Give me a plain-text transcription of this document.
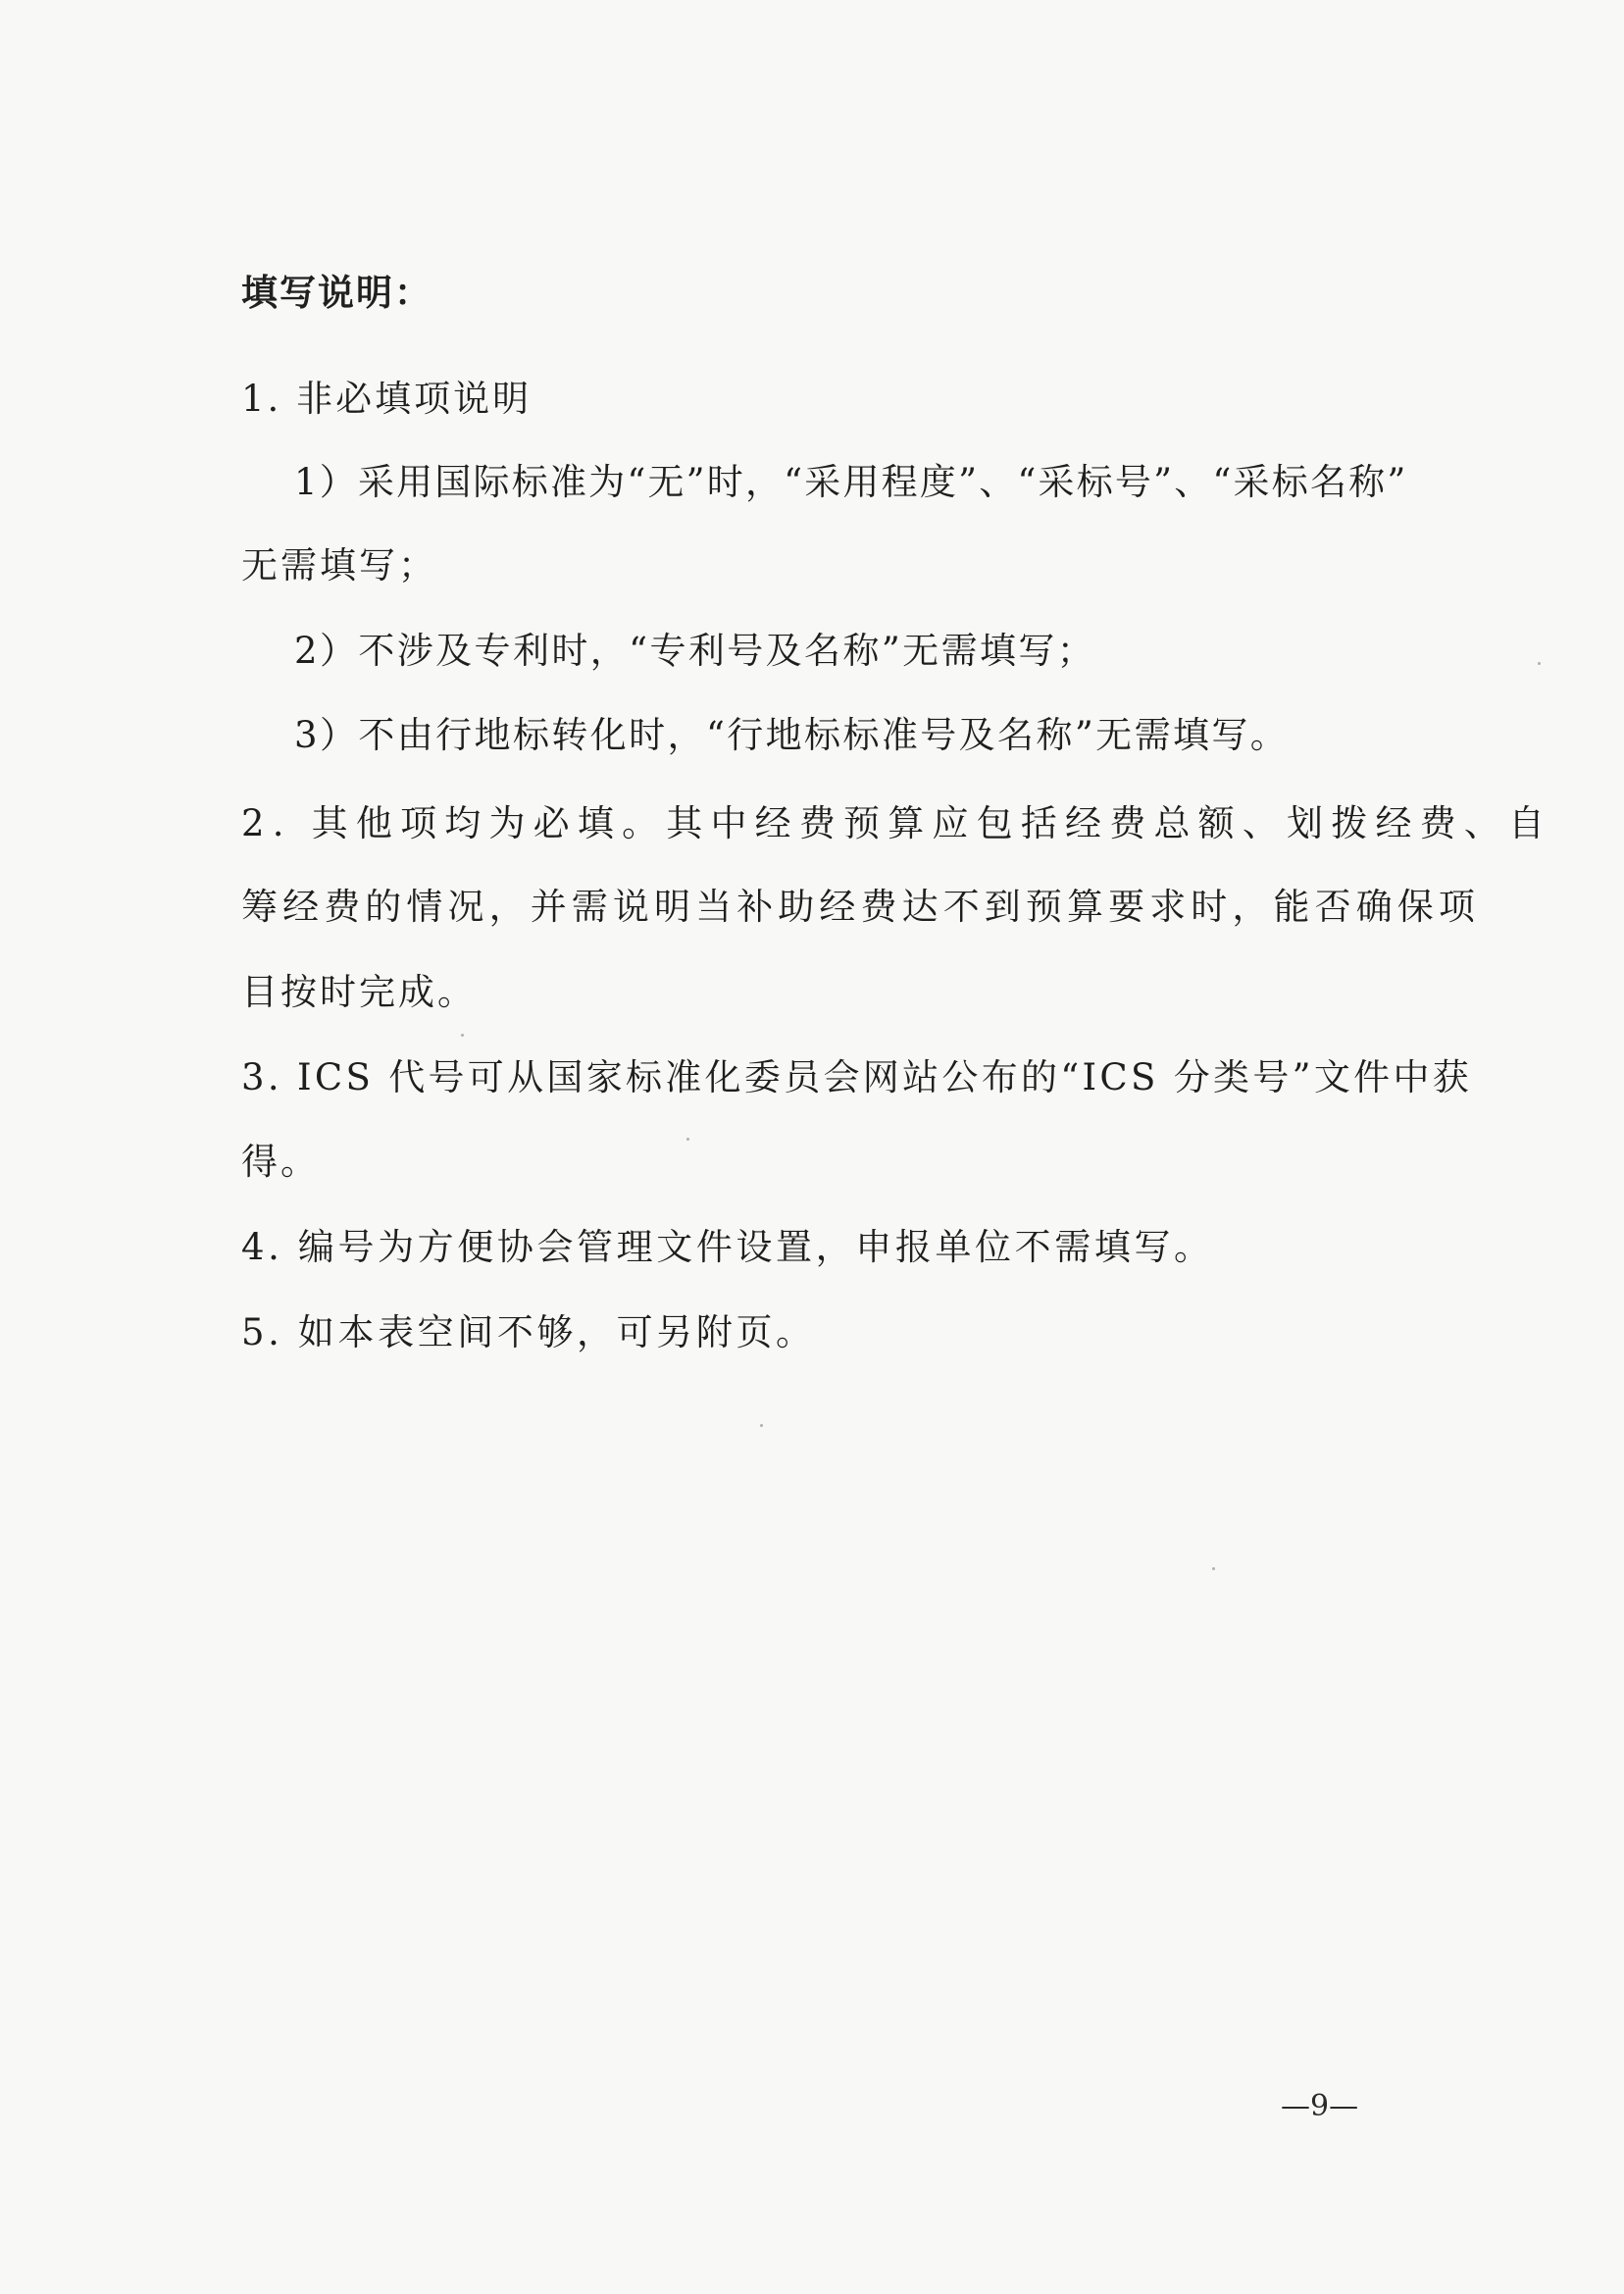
填写说明：
1. 非必填项说明
1）采用国际标准为“无”时，“采用程度”、“采标号”、“采标名称”
无需填写；
2）不涉及专利时，“专利号及名称”无需填写；
3）不由行地标转化时，“行地标标准号及名称”无需填写。
2. 其他项均为必填。其中经费预算应包括经费总额、划拨经费、自
筹经费的情况，并需说明当补助经费达不到预算要求时，能否确保项
目按时完成。
3. ICS 代号可从国家标准化委员会网站公布的“ICS 分类号”文件中获
得。
4. 编号为方便协会管理文件设置，申报单位不需填写。
5. 如本表空间不够，可另附页。
—9—
